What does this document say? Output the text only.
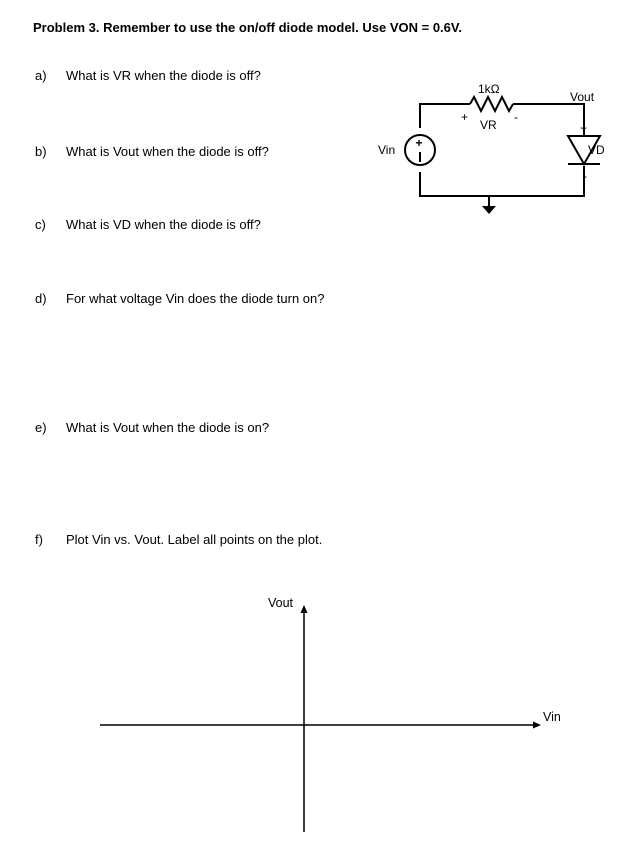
Problem 3. Remember to use the on/off diode model. Use VON = 0.6V.
a) What is VR when the diode is off?
b) What is Vout when the diode is off?
c) What is VD when the diode is off?
d) For what voltage Vin does the diode turn on?
e) What is Vout when the diode is on?
f) Plot Vin vs. Vout. Label all points on the plot.
+
1kΩ
VR
+	-
Vin
Vout
+
VD
-
Vout
Vin
